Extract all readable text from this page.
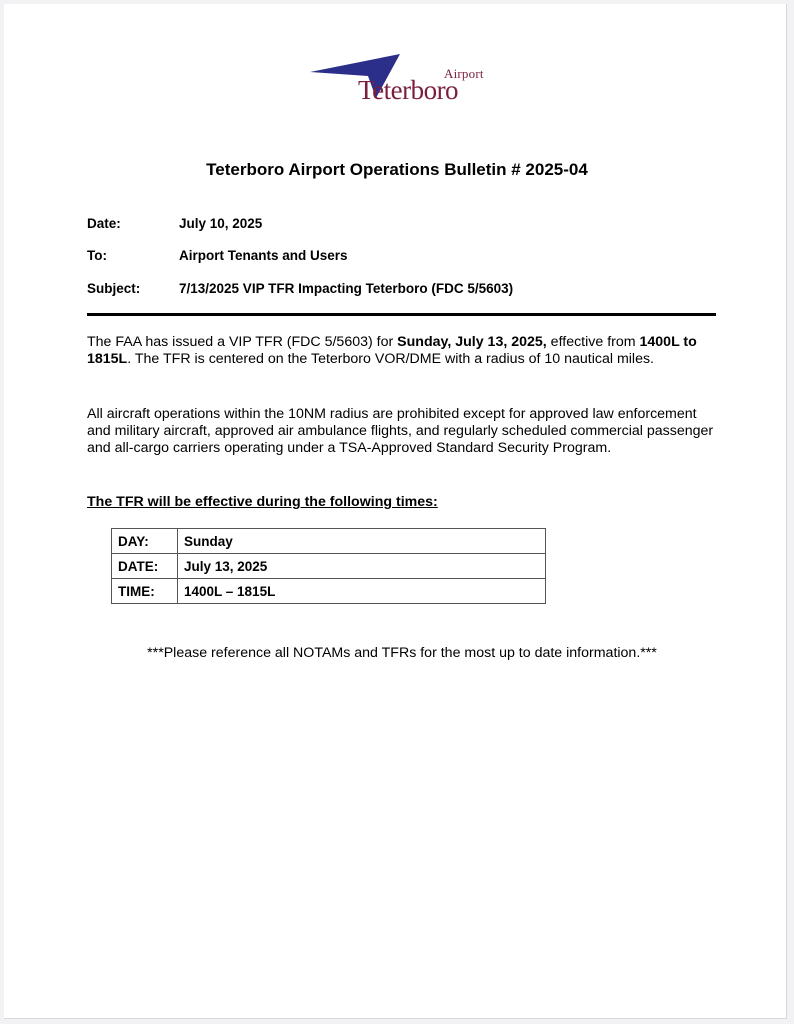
Airport
Teterboro
Teterboro Airport Operations Bulletin # 2025-04
Date:	July 10, 2025
To:	Airport Tenants and Users
Subject:	7/13/2025 VIP TFR Impacting Teterboro (FDC 5/5603)
The FAA has issued a VIP TFR (FDC 5/5603) for Sunday, July 13, 2025, effective from 1400L to 1815L. The TFR is centered on the Teterboro VOR/DME with a radius of 10 nautical miles.
All aircraft operations within the 10NM radius are prohibited except for approved law enforcement and military aircraft, approved air ambulance flights, and regularly scheduled commercial passenger and all-cargo carriers operating under a TSA-Approved Standard Security Program.
The TFR will be effective during the following times:
DAY:	Sunday
DATE:	July 13, 2025
TIME:	1400L – 1815L
***Please reference all NOTAMs and TFRs for the most up to date information.***
